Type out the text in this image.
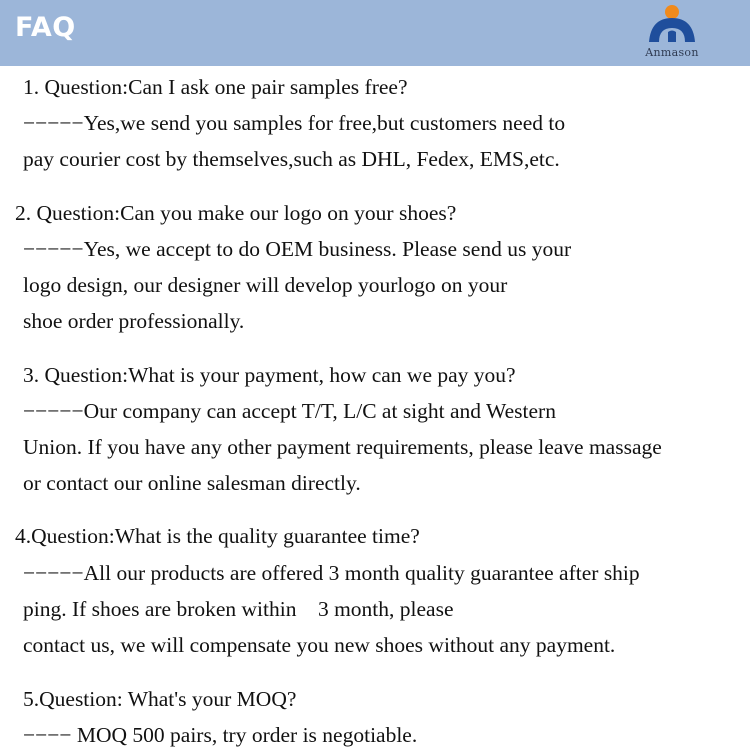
FAQ
Anmason
1. Question:Can I ask one pair samples free?
−−−−−Yes,we send you samples for free,but customers need to
pay courier cost by themselves,such as DHL, Fedex, EMS,etc.
2. Question:Can you make our logo on your shoes?
−−−−−Yes, we accept to do OEM business. Please send us your
logo design, our designer will develop yourlogo on your
shoe order professionally.
3. Question:What is your payment, how can we pay you?
−−−−−Our company can accept T/T, L/C at sight and Western
Union. If you have any other payment requirements, please leave massage
or contact our online salesman directly.
4.Question:What is the quality guarantee time?
−−−−−All our products are offered 3 month quality guarantee after ship
ping. If shoes are broken within    3 month, please
contact us, we will compensate you new shoes without any payment.
5.Question: What's your MOQ?
−−−− MOQ 500 pairs, try order is negotiable.
